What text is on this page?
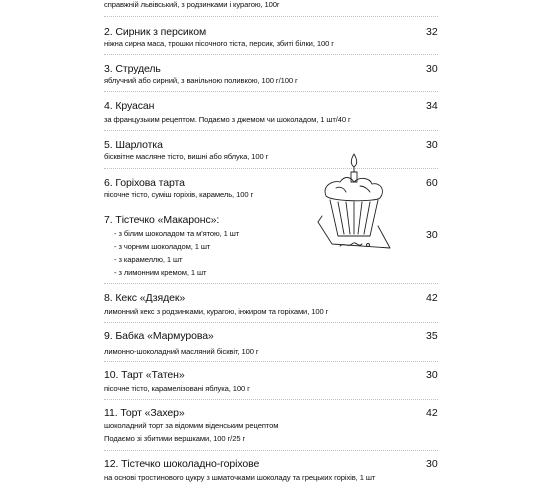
справжній львівський, з родзинками і курагою, 100г
2. Сирник з персиком
ніжна сирна маса, трошки пісочного тіста, персик, збиті білки, 100 г
32
3. Струдель
яблучний або сирний, з ванільною поливкою, 100 г/100 г
30
4. Круасан
за французьким рецептом. Подаємо з джемом чи шоколадом, 1 шт/40 г
34
5. Шарлотка
бісквітне масляне тісто, вишні або яблука, 100 г
30
6. Горіхова тарта
пісочне тісто, суміш горіхів, карамель, 100 г
60
7. Тістечко «Макаронс»:
- з білим шоколадом та м'ятою, 1 шт
- з чорним шоколадом, 1 шт
- з карамеллю, 1 шт
- з лимонним кремом, 1 шт
30
8. Кекс «Дзядек»
лимонний кекс з родзинками, курагою, інжиром та горіхами, 100 г
42
9. Бабка «Мармурова»
лимонно-шоколадний масляний бісквіт, 100 г
35
10. Тарт «Татен»
пісочне тісто, карамелізовані яблука, 100 г
30
11. Торт «Захер»
шоколадний торт за відомим віденським рецептом
Подаємо зі збитими вершками, 100 г/25 г
42
12. Тістечко шоколадно-горіхове
на основі тростинового цукру з шматочками шоколаду та грецьких горіхів, 1 шт
30
